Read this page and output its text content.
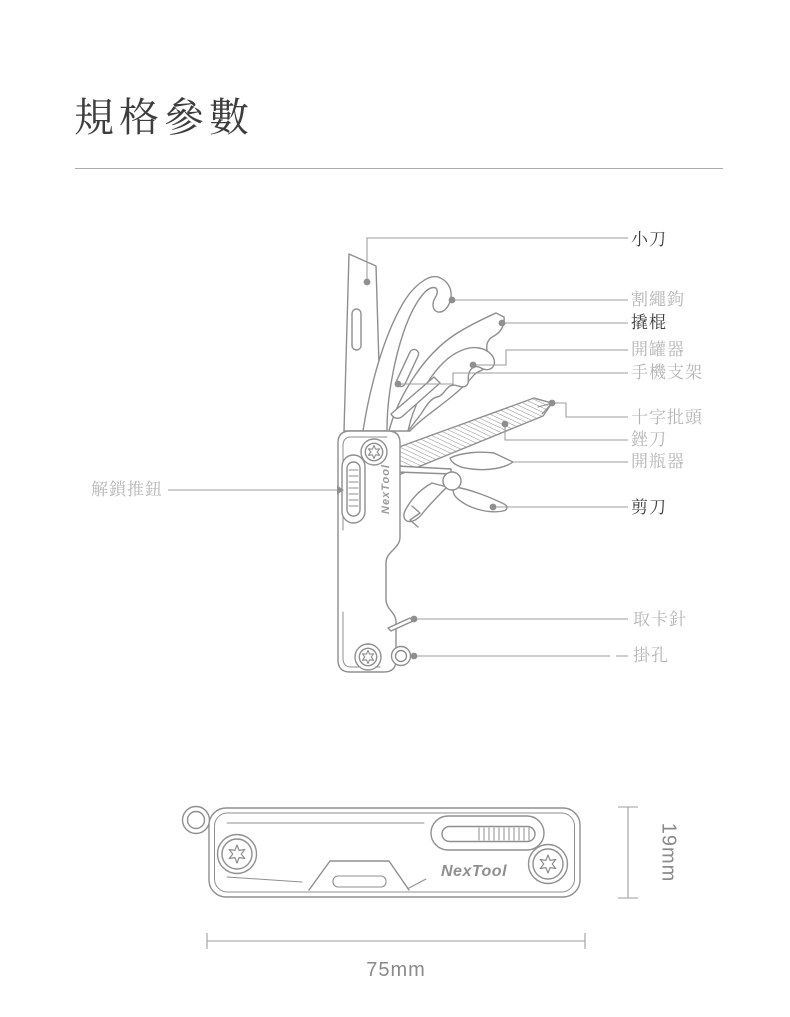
規格參數
小刀
割繩鉤
撬棍
開罐器
手機支架
十字批頭
銼刀
開瓶器
剪刀
取卡針
掛孔
解鎖推鈕	NexTool
NexTool	19mm
75mm
